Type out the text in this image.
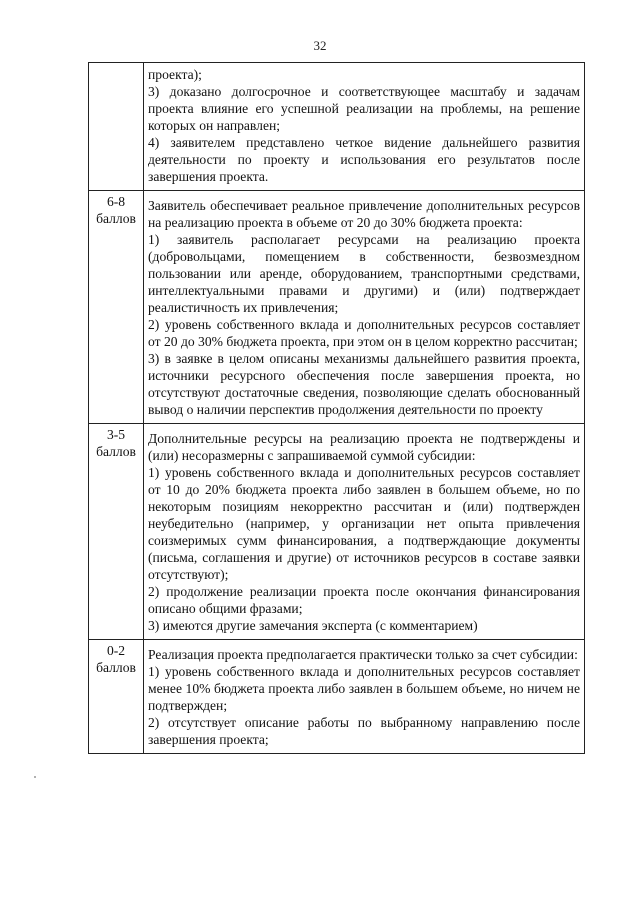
32

	проекта);
3) доказано долгосрочное и соответствующее масштабу и задачам проекта влияние его успешной реализации на проблемы, на решение которых он направлен;
4) заявителем представлено четкое видение дальнейшего развития деятельности по проекту и использования его результатов после завершения проекта.

6-8
баллов	Заявитель обеспечивает реальное привлечение дополнительных ресурсов на реализацию проекта в объеме от 20 до 30% бюджета проекта:
1) заявитель располагает ресурсами на реализацию проекта (добровольцами, помещением в собственности, безвозмездном пользовании или аренде, оборудованием, транспортными средствами, интеллектуальными правами и другими) и (или) подтверждает реалистичность их привлечения;
2) уровень собственного вклада и дополнительных ресурсов составляет от 20 до 30% бюджета проекта, при этом он в целом корректно рассчитан;
3) в заявке в целом описаны механизмы дальнейшего развития проекта, источники ресурсного обеспечения после завершения проекта, но отсутствуют достаточные сведения, позволяющие сделать обоснованный вывод о наличии перспектив продолжения деятельности по проекту

3-5
баллов	Дополнительные ресурсы на реализацию проекта не подтверждены и (или) несоразмерны с запрашиваемой суммой субсидии:
1) уровень собственного вклада и дополнительных ресурсов составляет от 10 до 20% бюджета проекта либо заявлен в большем объеме, но по некоторым позициям некорректно рассчитан и (или) подтвержден неубедительно (например, у организации нет опыта привлечения соизмеримых сумм финансирования, а подтверждающие документы (письма, соглашения и другие) от источников ресурсов в составе заявки отсутствуют);
2) продолжение реализации проекта после окончания финансирования описано общими фразами;
3) имеются другие замечания эксперта (с комментарием)

0-2
баллов	Реализация проекта предполагается практически только за счет субсидии:
1) уровень собственного вклада и дополнительных ресурсов составляет менее 10% бюджета проекта либо заявлен в большем объеме, но ничем не подтвержден;
2) отсутствует описание работы по выбранному направлению после завершения проекта;
